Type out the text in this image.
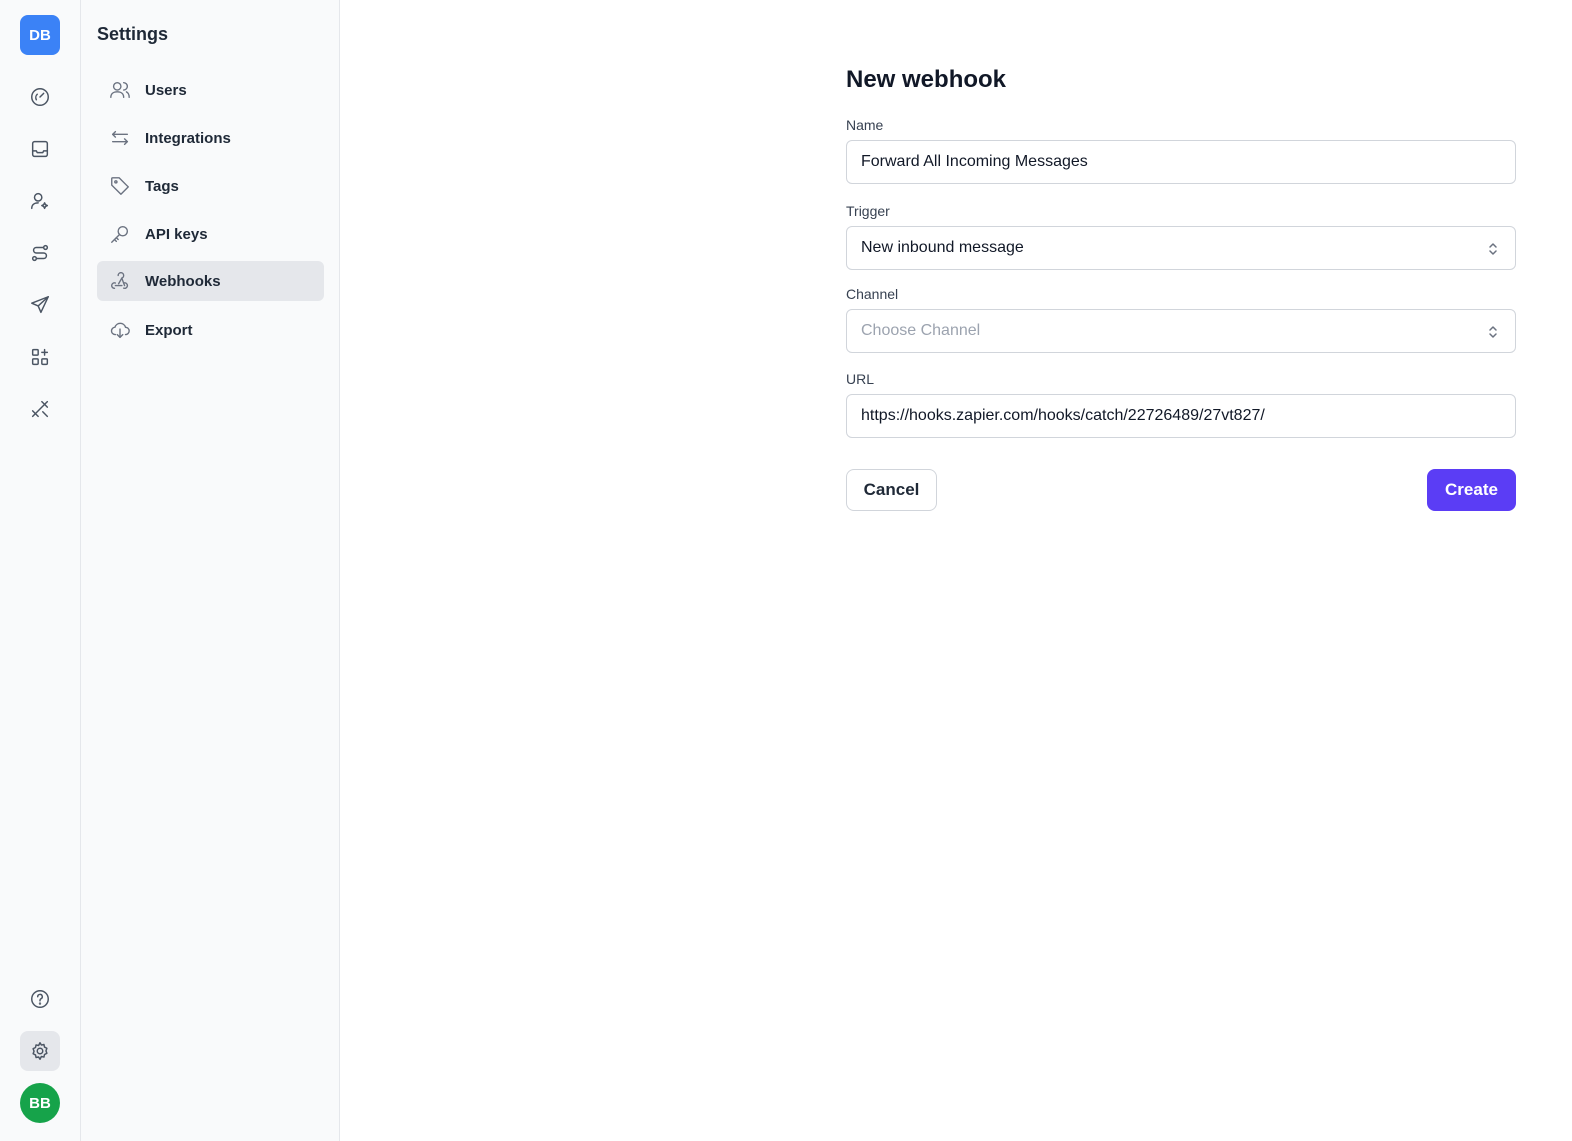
DB
BB
Settings
Users
Integrations
Tags
API keys
Webhooks
Export
New webhook
Name
Forward All Incoming Messages
Trigger
New inbound message
Channel
Choose Channel
URL
https://hooks.zapier.com/hooks/catch/22726489/27vt827/
Cancel	Create
